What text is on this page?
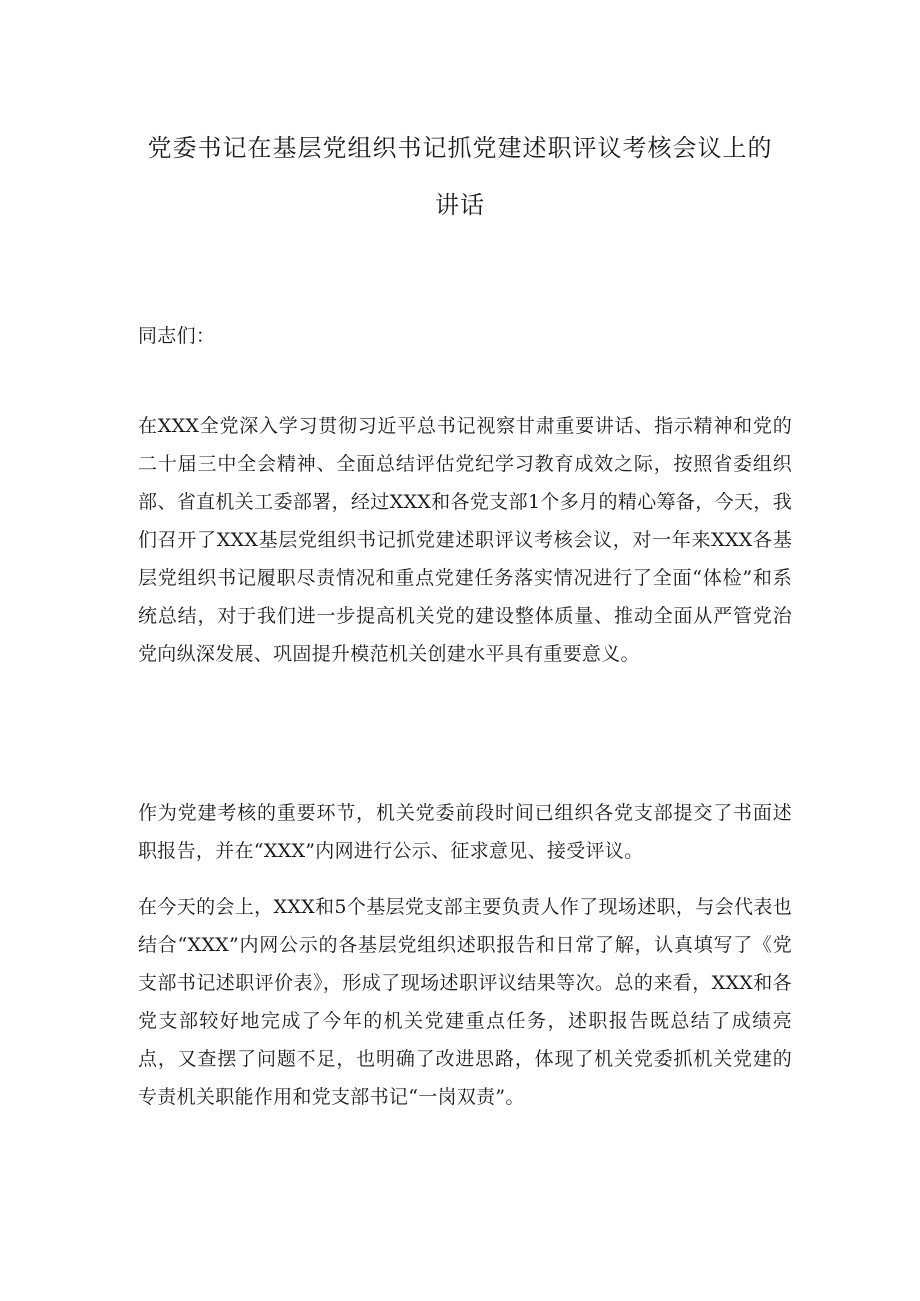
党委书记在基层党组织书记抓党建述职评议考核会议上的
讲话
同志们：
在XXX全党深入学习贯彻习近平总书记视察甘肃重要讲话、指示精神和党的二十届三中全会精神、全面总结评估党纪学习教育成效之际，按照省委组织部、省直机关工委部署，经过XXX和各党支部1个多月的精心筹备，今天，我们召开了XXX基层党组织书记抓党建述职评议考核会议，对一年来XXX各基层党组织书记履职尽责情况和重点党建任务落实情况进行了全面“体检”和系统总结，对于我们进一步提高机关党的建设整体质量、推动全面从严管党治党向纵深发展、巩固提升模范机关创建水平具有重要意义。
作为党建考核的重要环节，机关党委前段时间已组织各党支部提交了书面述职报告，并在“XXX”内网进行公示、征求意见、接受评议。
在今天的会上，XXX和5个基层党支部主要负责人作了现场述职，与会代表也结合“XXX”内网公示的各基层党组织述职报告和日常了解，认真填写了《党支部书记述职评价表》，形成了现场述职评议结果等次。总的来看，XXX和各党支部较好地完成了今年的机关党建重点任务，述职报告既总结了成绩亮点，又查摆了问题不足，也明确了改进思路，体现了机关党委抓机关党建的专责机关职能作用和党支部书记“一岗双责”。
